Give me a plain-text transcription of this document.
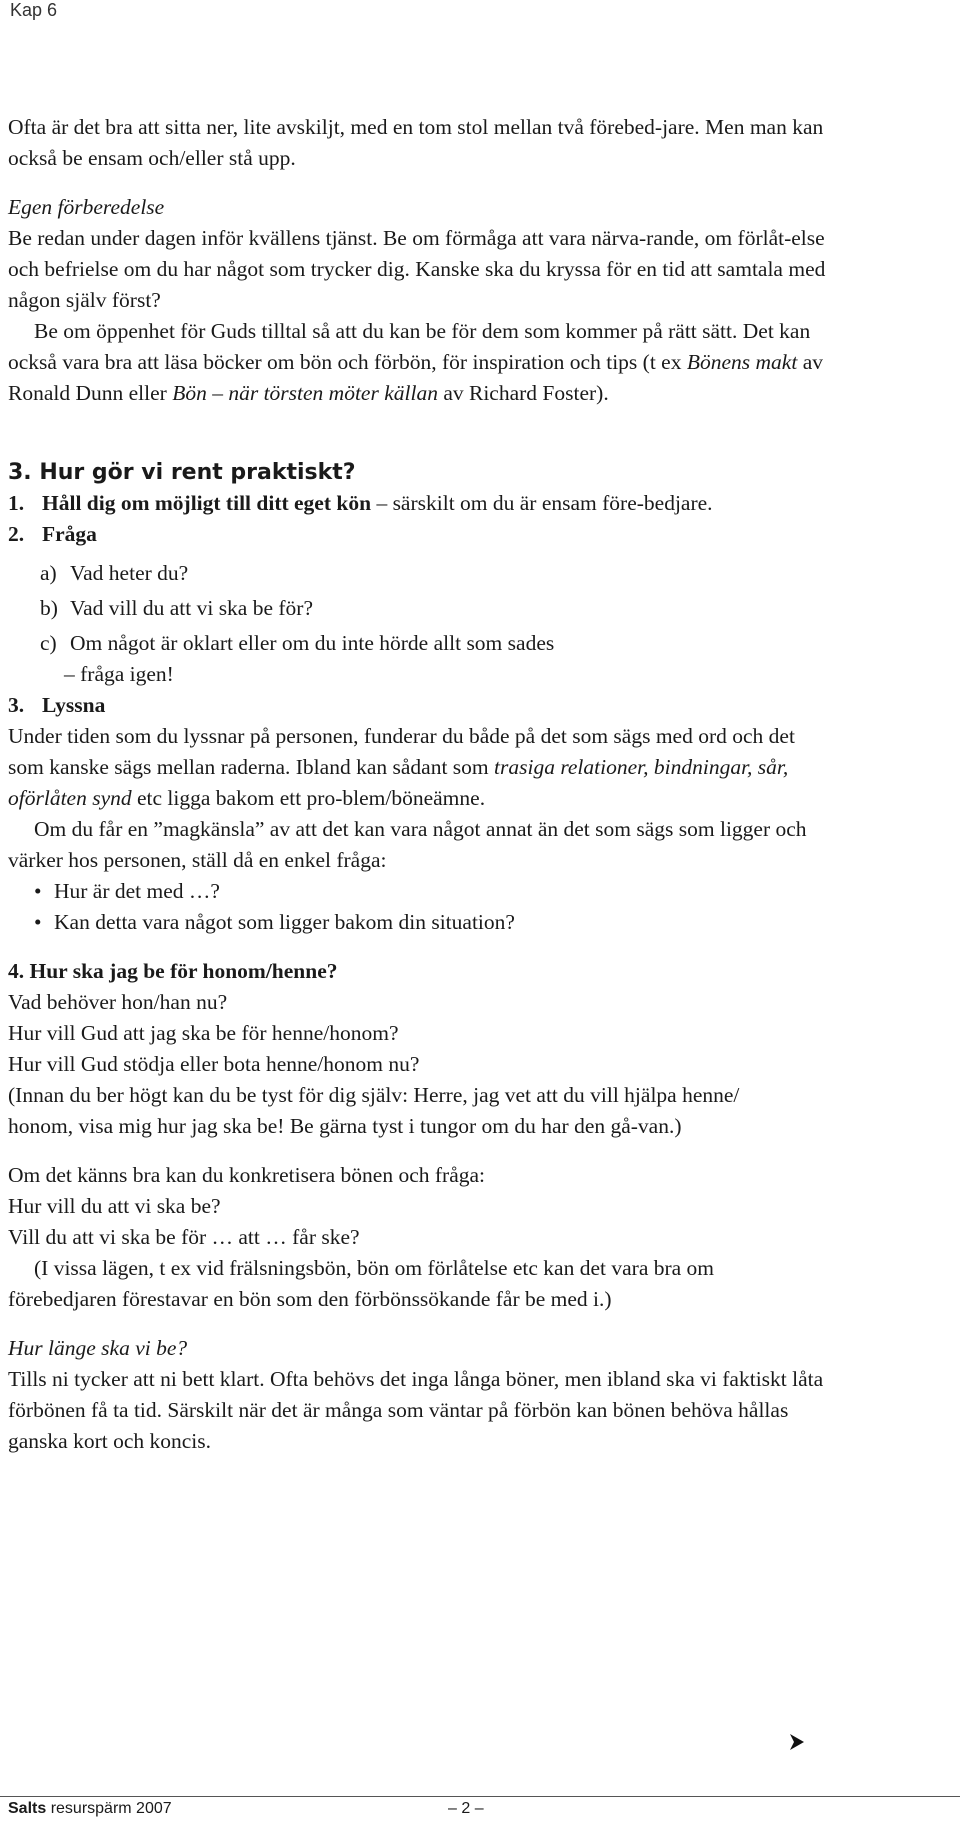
Kap 6

Ofta är det bra att sitta ner, lite avskiljt, med en tom stol mellan två förebed-jare. Men man kan också be ensam och/eller stå upp.

Egen förberedelse

Be redan under dagen inför kvällens tjänst. Be om förmåga att vara närva-rande, om förlåt-else och befrielse om du har något som trycker dig. Kanske ska du kryssa för en tid att samtala med någon själv först?

Be om öppenhet för Guds tilltal så att du kan be för dem som kommer på rätt sätt. Det kan också vara bra att läsa böcker om bön och förbön, för inspiration och tips (t ex Bönens makt av Ronald Dunn eller Bön – när törsten möter källan av Richard Foster).

3. Hur gör vi rent praktiskt?

1. Håll dig om möjligt till ditt eget kön – särskilt om du är ensam före-bedjare.
2. Fråga
a) Vad heter du?
b) Vad vill du att vi ska be för?
c) Om något är oklart eller om du inte hörde allt som sades

– fråga igen!

3. Lyssna

Under tiden som du lyssnar på personen, funderar du både på det som sägs med ord och det som kanske sägs mellan raderna. Ibland kan sådant som trasiga relationer, bindningar, sår, oförlåten synd etc ligga bakom ett pro-blem/böneämne.

Om du får en ”magkänsla” av att det kan vara något annat än det som sägs som ligger och värker hos personen, ställ då en enkel fråga:

• Hur är det med …?
• Kan detta vara något som ligger bakom din situation?

4. Hur ska jag be för honom/henne?

Vad behöver hon/han nu?

Hur vill Gud att jag ska be för henne/honom?

Hur vill Gud stödja eller bota henne/honom nu?

(Innan du ber högt kan du be tyst för dig själv: Herre, jag vet att du vill hjälpa henne/

honom, visa mig hur jag ska be! Be gärna tyst i tungor om du har den gå-van.)

Om det känns bra kan du konkretisera bönen och fråga:

Hur vill du att vi ska be?

Vill du att vi ska be för … att … får ske?

(I vissa lägen, t ex vid frälsningsbön, bön om förlåtelse etc kan det vara bra om förebedjaren förestavar en bön som den förbönssökande får be med i.)

Hur länge ska vi be?

Tills ni tycker att ni bett klart. Ofta behövs det inga långa böner, men ibland ska vi faktiskt låta förbönen få ta tid. Särskilt när det är många som väntar på förbön kan bönen behöva hållas ganska kort och koncis.

Salts resurspärm 2007	– 2 –
